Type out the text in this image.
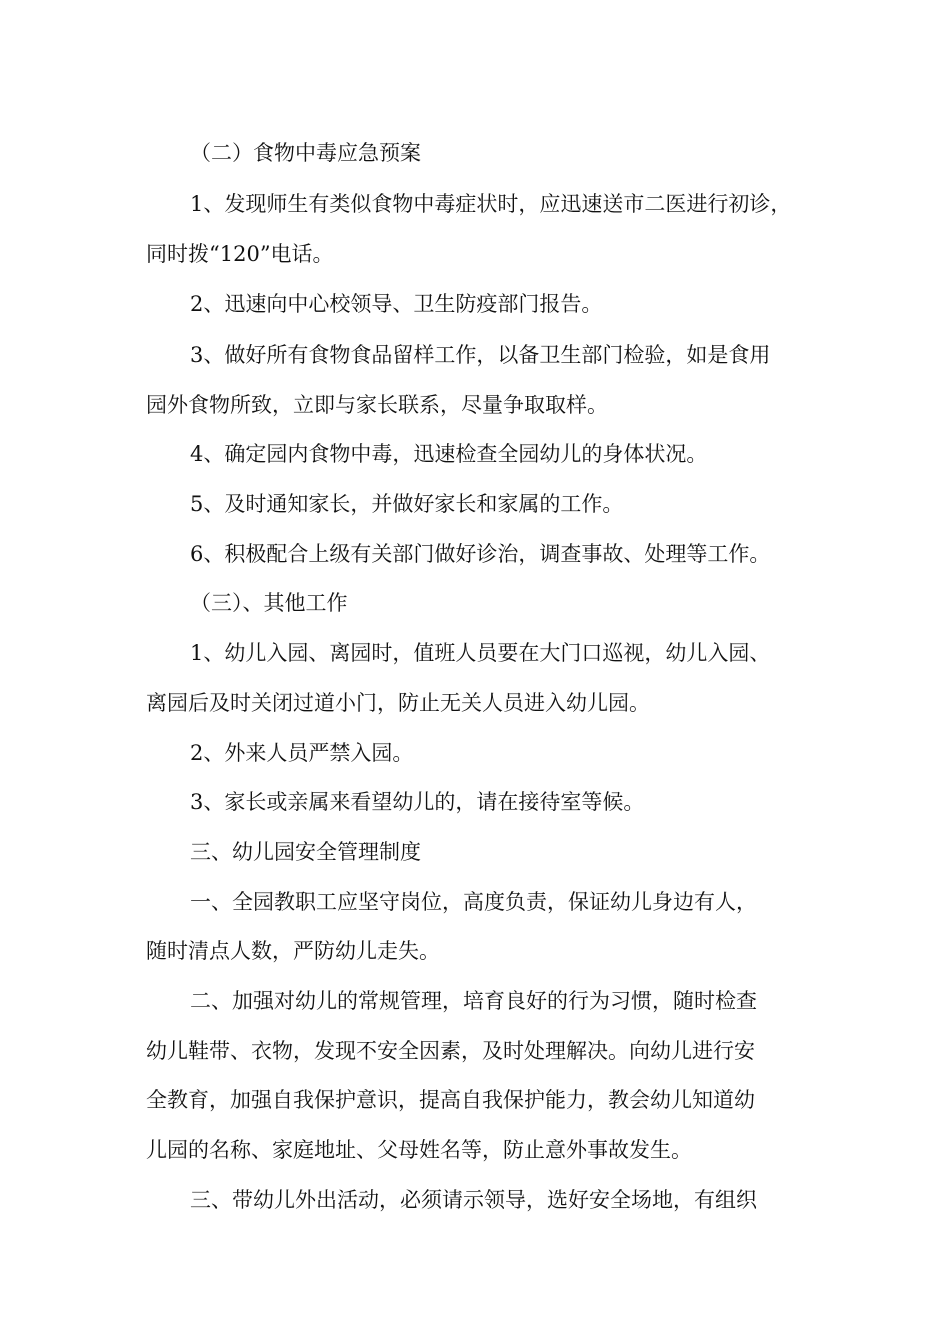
（二）食物中毒应急预案
1、发现师生有类似食物中毒症状时，应迅速送市二医进行初诊，
同时拨“120”电话。
2、迅速向中心校领导、卫生防疫部门报告。
3、做好所有食物食品留样工作，以备卫生部门检验，如是食用
园外食物所致，立即与家长联系，尽量争取取样。
4、确定园内食物中毒，迅速检查全园幼儿的身体状况。
5、及时通知家长，并做好家长和家属的工作。
6、积极配合上级有关部门做好诊治，调查事故、处理等工作。
（三）、其他工作
1、幼儿入园、离园时，值班人员要在大门口巡视，幼儿入园、
离园后及时关闭过道小门，防止无关人员进入幼儿园。
2、外来人员严禁入园。
3、家长或亲属来看望幼儿的，请在接待室等候。
三、幼儿园安全管理制度
一、全园教职工应坚守岗位，高度负责，保证幼儿身边有人，
随时清点人数，严防幼儿走失。
二、加强对幼儿的常规管理，培育良好的行为习惯，随时检查
幼儿鞋带、衣物，发现不安全因素，及时处理解决。向幼儿进行安
全教育，加强自我保护意识，提高自我保护能力，教会幼儿知道幼
儿园的名称、家庭地址、父母姓名等，防止意外事故发生。
三、带幼儿外出活动，必须请示领导，选好安全场地，有组织
